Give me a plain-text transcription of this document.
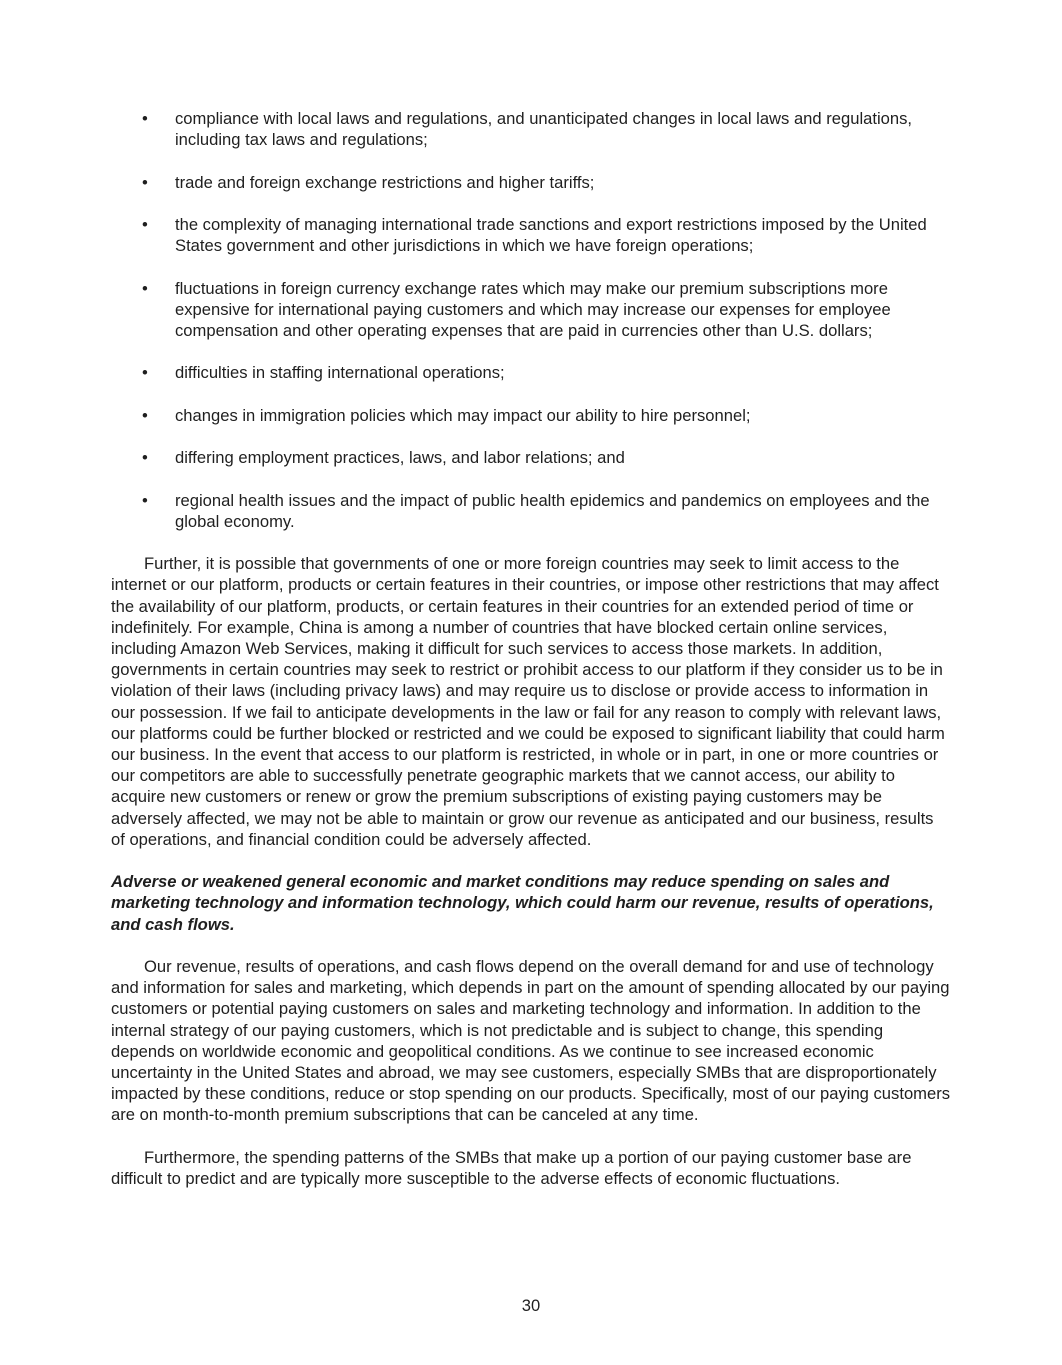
• compliance with local laws and regulations, and unanticipated changes in local laws and regulations, including tax laws and regulations;
• trade and foreign exchange restrictions and higher tariffs;
• the complexity of managing international trade sanctions and export restrictions imposed by the United States government and other jurisdictions in which we have foreign operations;
• fluctuations in foreign currency exchange rates which may make our premium subscriptions more expensive for international paying customers and which may increase our expenses for employee compensation and other operating expenses that are paid in currencies other than U.S. dollars;
• difficulties in staffing international operations;
• changes in immigration policies which may impact our ability to hire personnel;
• differing employment practices, laws, and labor relations; and
• regional health issues and the impact of public health epidemics and pandemics on employees and the global economy.

Further, it is possible that governments of one or more foreign countries may seek to limit access to the internet or our platform, products or certain features in their countries, or impose other restrictions that may affect the availability of our platform, products, or certain features in their countries for an extended period of time or indefinitely. For example, China is among a number of countries that have blocked certain online services, including Amazon Web Services, making it difficult for such services to access those markets. In addition, governments in certain countries may seek to restrict or prohibit access to our platform if they consider us to be in violation of their laws (including privacy laws) and may require us to disclose or provide access to information in our possession. If we fail to anticipate developments in the law or fail for any reason to comply with relevant laws, our platforms could be further blocked or restricted and we could be exposed to significant liability that could harm our business. In the event that access to our platform is restricted, in whole or in part, in one or more countries or our competitors are able to successfully penetrate geographic markets that we cannot access, our ability to acquire new customers or renew or grow the premium subscriptions of existing paying customers may be adversely affected, we may not be able to maintain or grow our revenue as anticipated and our business, results of operations, and financial condition could be adversely affected.

Adverse or weakened general economic and market conditions may reduce spending on sales and marketing technology and information technology, which could harm our revenue, results of operations, and cash flows.

Our revenue, results of operations, and cash flows depend on the overall demand for and use of technology and information for sales and marketing, which depends in part on the amount of spending allocated by our paying customers or potential paying customers on sales and marketing technology and information. In addition to the internal strategy of our paying customers, which is not predictable and is subject to change, this spending depends on worldwide economic and geopolitical conditions. As we continue to see increased economic uncertainty in the United States and abroad, we may see customers, especially SMBs that are disproportionately impacted by these conditions, reduce or stop spending on our products. Specifically, most of our paying customers are on month-to-month premium subscriptions that can be canceled at any time.

Furthermore, the spending patterns of the SMBs that make up a portion of our paying customer base are difficult to predict and are typically more susceptible to the adverse effects of economic fluctuations.

30
